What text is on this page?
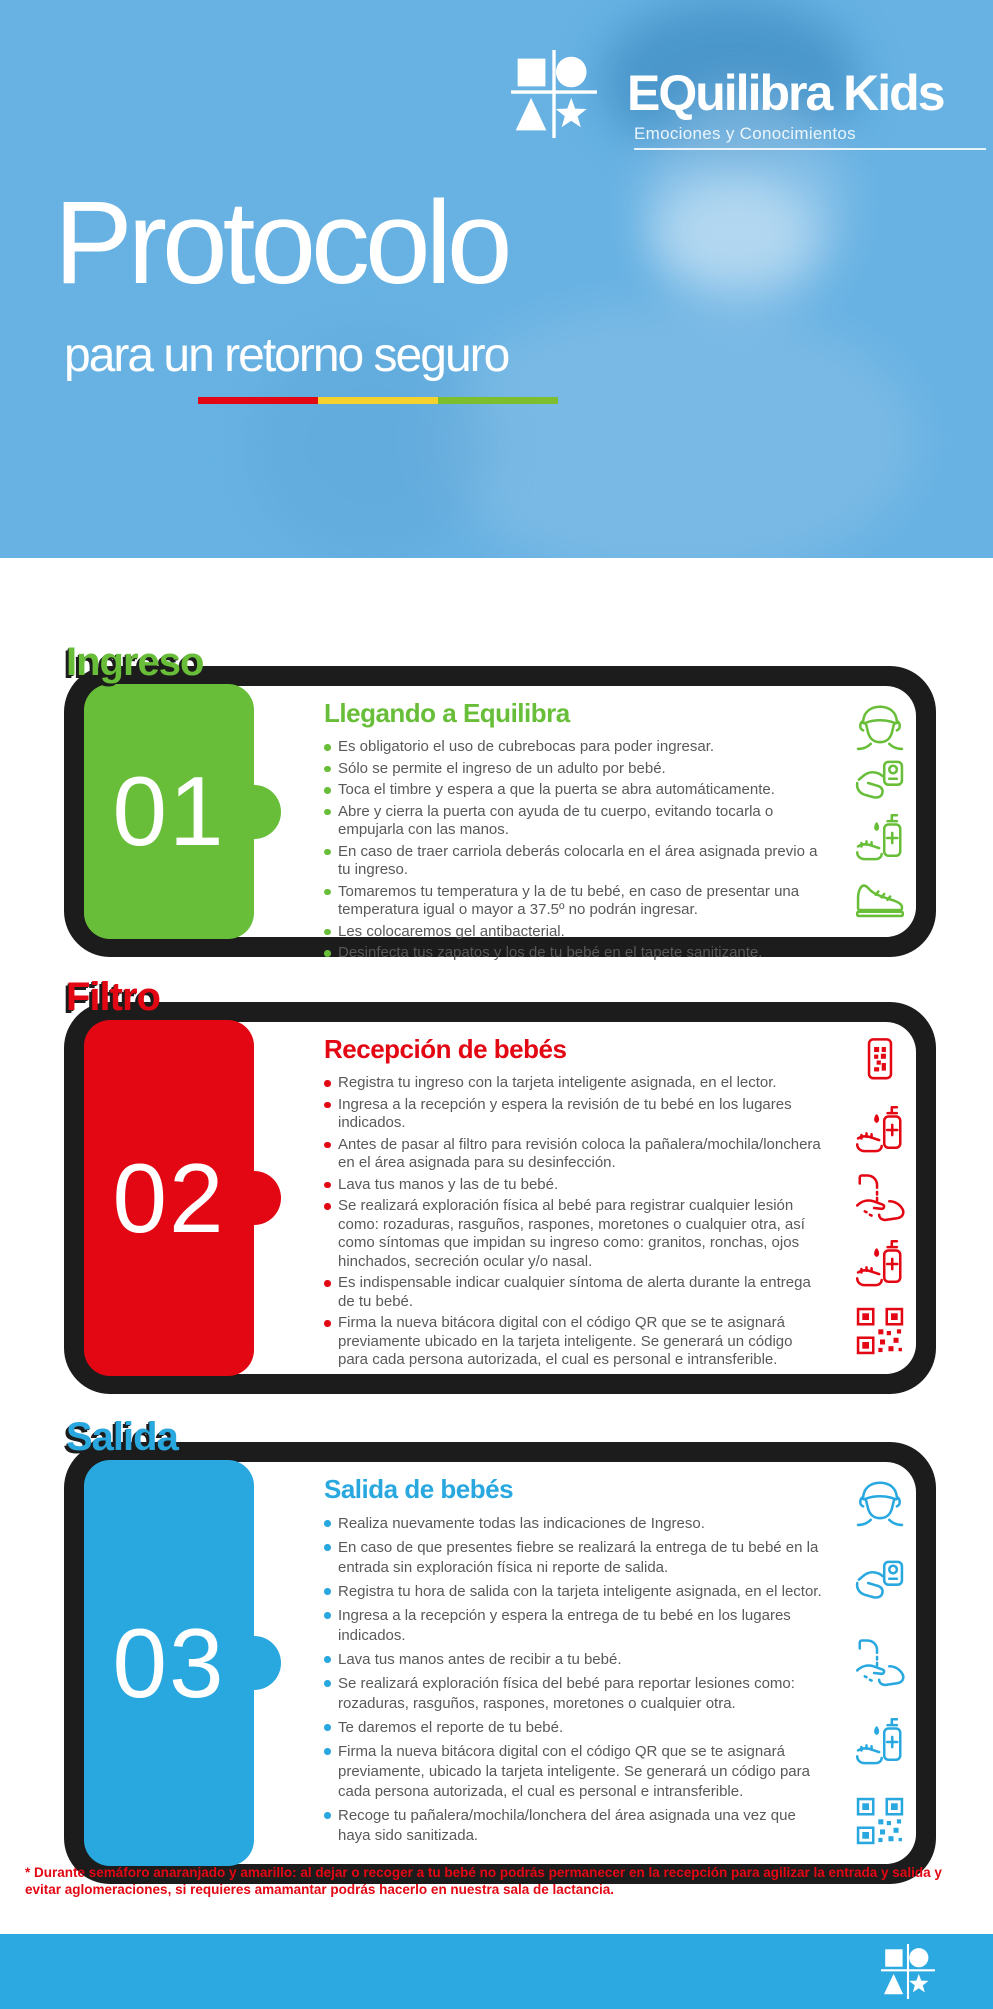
EQuilibra Kids
Emociones y Conocimientos
Protocolo
para un retorno seguro
Ingreso
01
Llegando a Equilibra
Es obligatorio el uso de cubrebocas para poder ingresar.
Sólo se permite el ingreso de un adulto por bebé.
Toca el timbre y espera a que la puerta se abra automáticamente.
Abre y cierra la puerta con ayuda de tu cuerpo, evitando tocarla o empujarla con las manos.
En caso de traer carriola deberás colocarla en el área asignada previo a tu ingreso.
Tomaremos tu temperatura y la de tu bebé, en caso de presentar una temperatura igual o mayor a 37.5º no podrán ingresar.
Les colocaremos gel antibacterial.
Desinfecta tus zapatos y los de tu bebé en el tapete sanitizante.
Filtro
02
Recepción de bebés
Registra tu ingreso con la tarjeta inteligente asignada, en el lector.
Ingresa a la recepción y espera la revisión de tu bebé en los lugares indicados.
Antes de pasar al filtro para revisión coloca la pañalera/mochila/lonchera en el área asignada para su desinfección.
Lava tus manos y las de tu bebé.
Se realizará exploración física al bebé para registrar cualquier lesión como: rozaduras, rasguños, raspones, moretones o cualquier otra, así como síntomas que impidan su ingreso como: granitos, ronchas, ojos hinchados, secreción ocular y/o nasal.
Es indispensable indicar cualquier síntoma de alerta durante la entrega de tu bebé.
Firma la nueva bitácora digital con el código QR que se te asignará previamente ubicado en la tarjeta inteligente. Se generará un código para cada persona autorizada, el cual es personal e intransferible.
Salida
03
Salida de bebés
Realiza nuevamente todas las indicaciones de Ingreso.
En caso de que presentes fiebre se realizará la entrega de tu bebé en la entrada sin exploración física ni reporte de salida.
Registra tu hora de salida con la tarjeta inteligente asignada, en el lector.
Ingresa a la recepción y espera la entrega de tu bebé en los lugares indicados.
Lava tus manos antes de recibir a tu bebé.
Se realizará exploración física del bebé para reportar lesiones como: rozaduras, rasguños, raspones, moretones o cualquier otra.
Te daremos el reporte de tu bebé.
Firma la nueva bitácora digital con el código QR que se te asignará previamente, ubicado la tarjeta inteligente. Se generará un código para cada persona autorizada, el cual es personal e intransferible.
Recoge tu pañalera/mochila/lonchera del área asignada una vez que haya sido sanitizada.

* Durante semáforo anaranjado y amarillo: al dejar o recoger a tu bebé no podrás permanecer en la recepción para agilizar la entrada y salida y
evitar aglomeraciones, si requieres amamantar podrás hacerlo en nuestra sala de lactancia.
